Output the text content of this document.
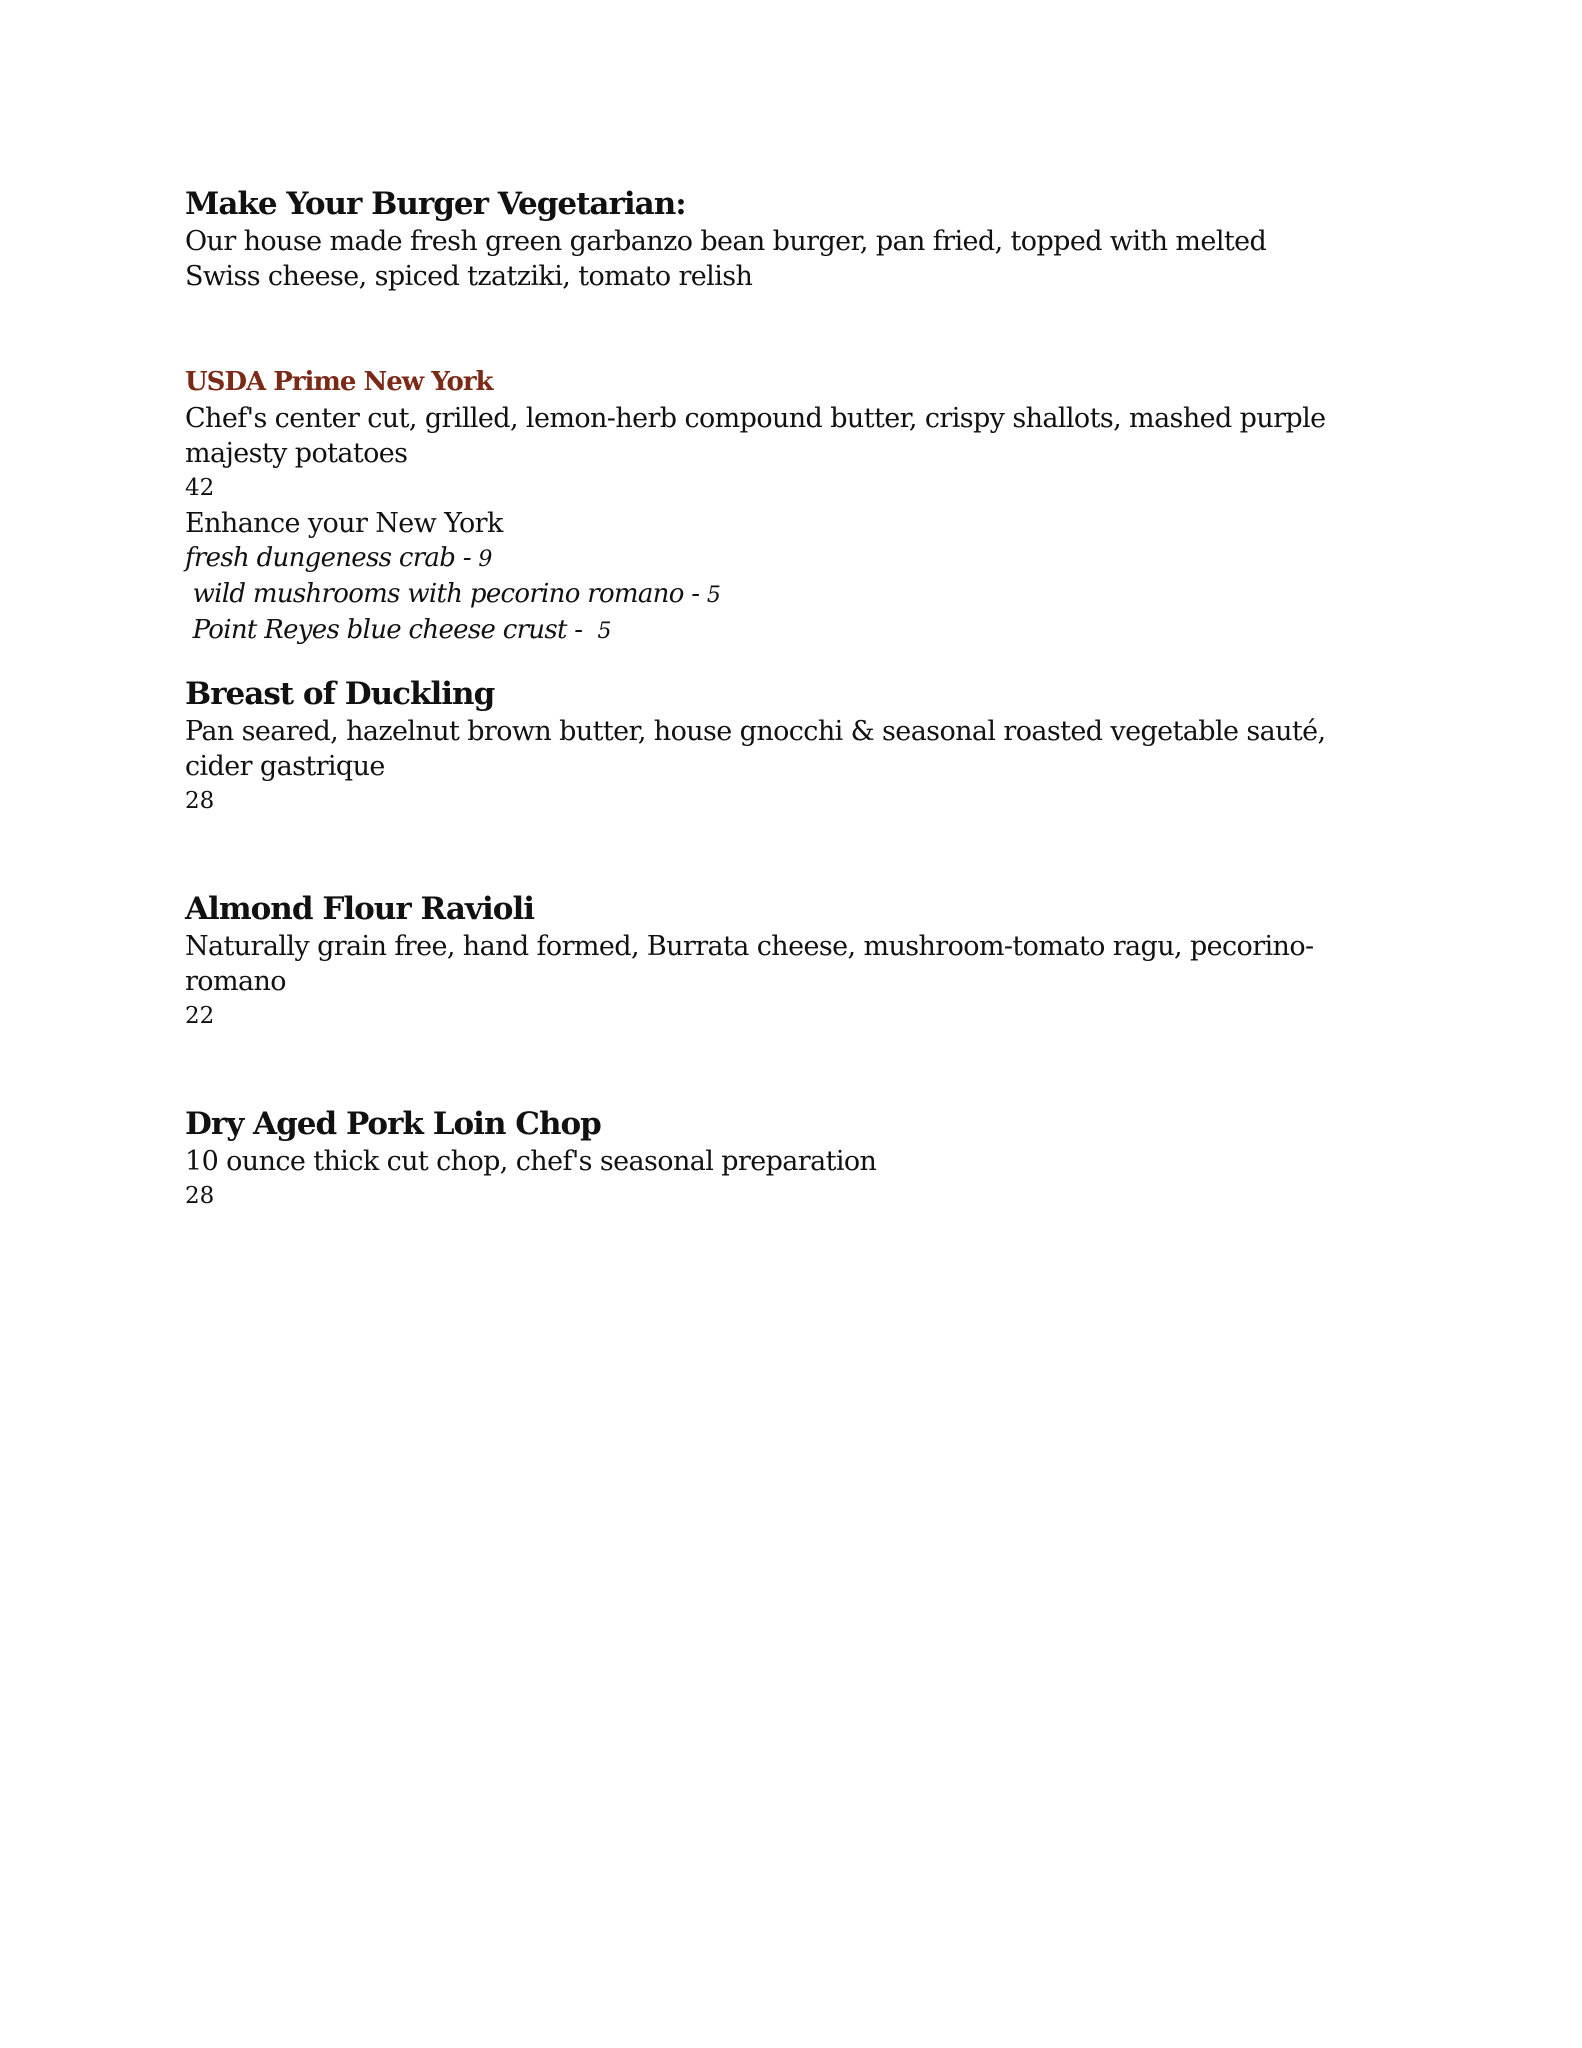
Make Your Burger Vegetarian:

Our house made fresh green garbanzo bean burger, pan fried, topped with melted
Swiss cheese, spiced tzatziki, tomato relish

USDA Prime New York

Chef's center cut, grilled, lemon-herb compound butter, crispy shallots, mashed purple
majesty potatoes

42

Enhance your New York

fresh dungeness crab - 9

wild mushrooms with pecorino romano - 5

Point Reyes blue cheese crust -  5

Breast of Duckling

Pan seared, hazelnut brown butter, house gnocchi & seasonal roasted vegetable sauté,
cider gastrique

28

Almond Flour Ravioli

Naturally grain free, hand formed, Burrata cheese, mushroom-tomato ragu, pecorino-
romano

22

Dry Aged Pork Loin Chop

10 ounce thick cut chop, chef's seasonal preparation

28
